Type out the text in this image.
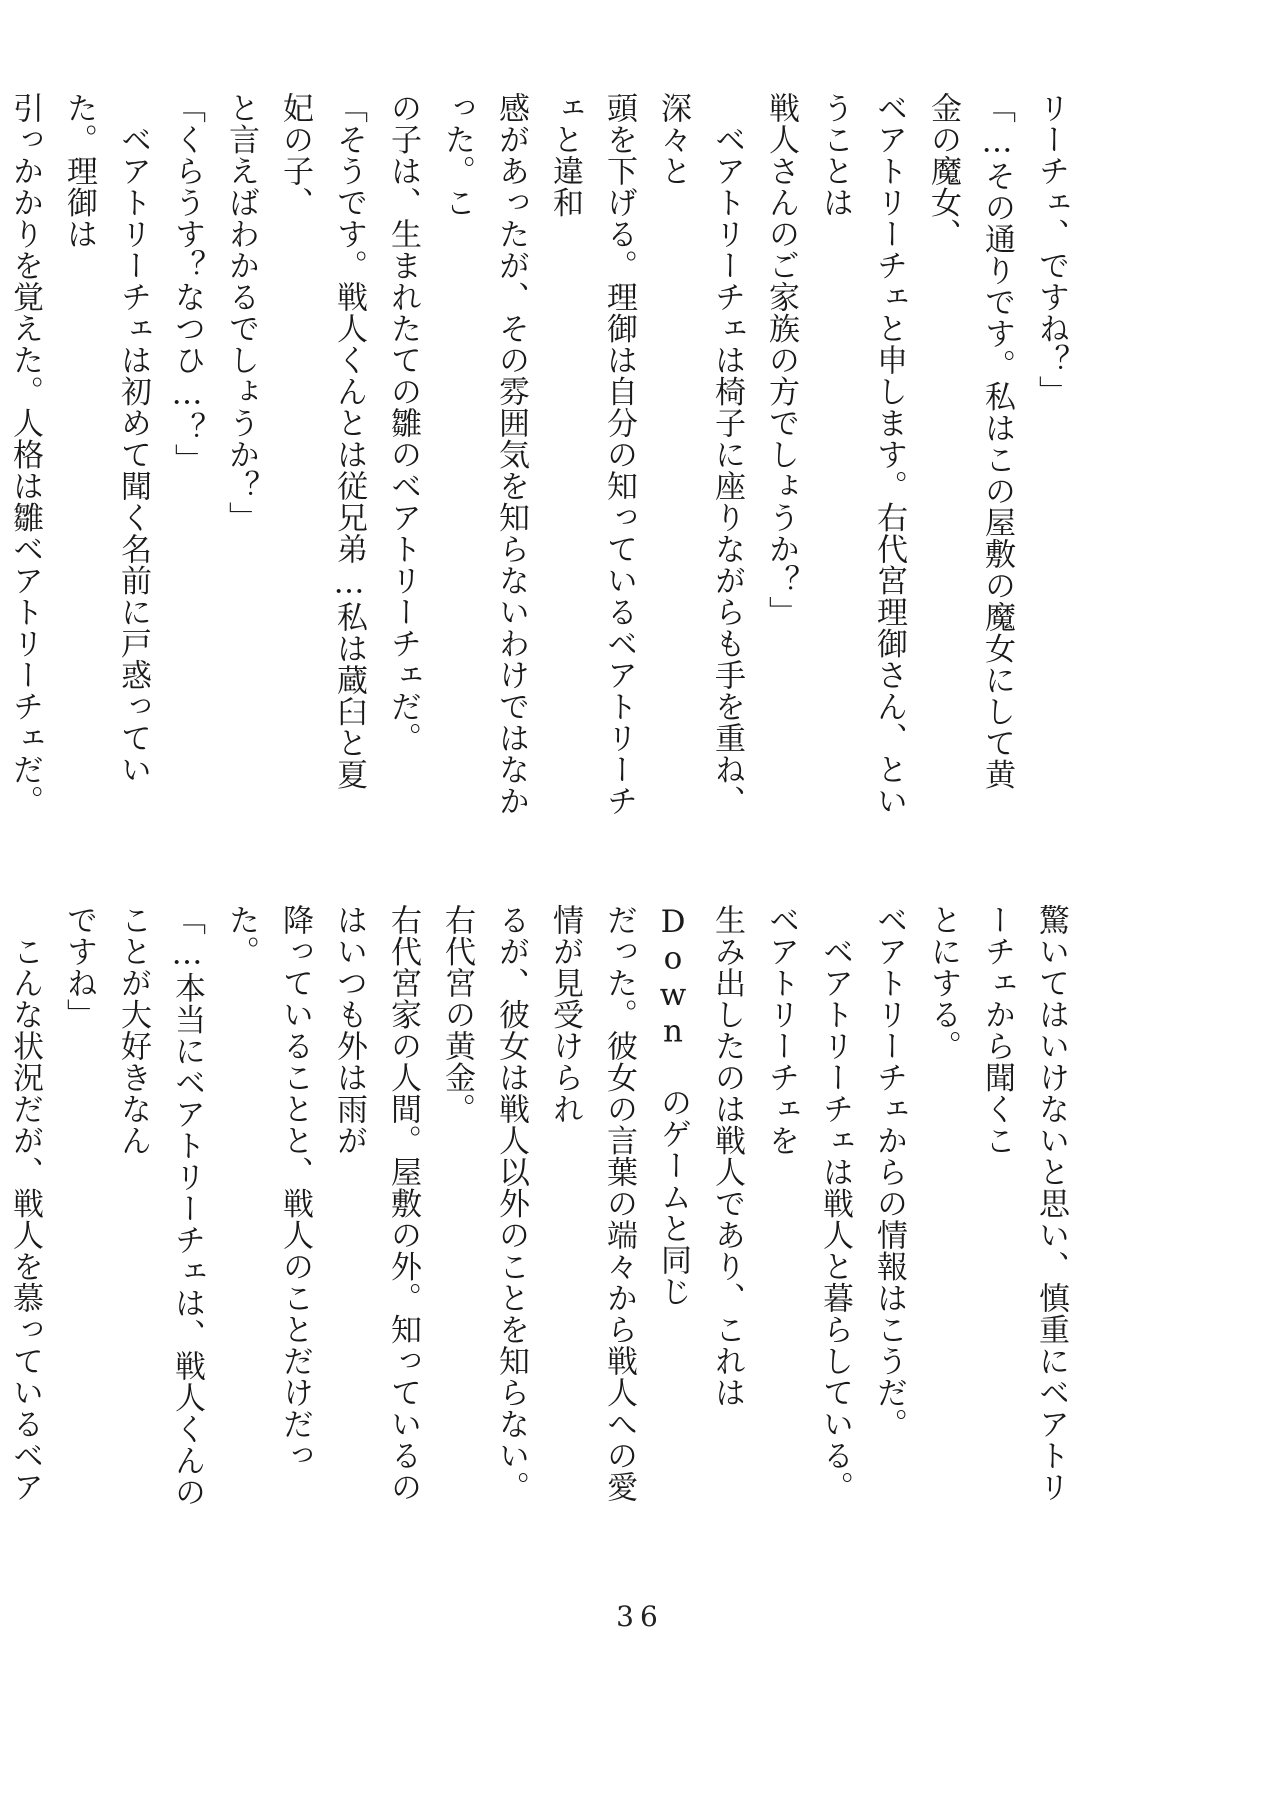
リーチェ、ですね？」

「…その通りです。私はこの屋敷の魔女にして黄金の魔女、

ベアトリーチェと申します。右代宮理御さん、ということは

戦人さんのご家族の方でしょうか？」

　ベアトリーチェは椅子に座りながらも手を重ね、深々と

頭を下げる。理御は自分の知っているベアトリーチェと違和

感があったが、その雰囲気を知らないわけではなかった。こ

の子は、生まれたての雛のベアトリーチェだ。

「そうです。戦人くんとは従兄弟…私は蔵臼と夏妃の子、

と言えばわかるでしょうか？」

「くらうす？なつひ…？」

　ベアトリーチェは初めて聞く名前に戸惑っていた。理御は

引っかかりを覚えた。人格は雛ベアトリーチェだ。

驚いてはいけないと思い、慎重にベアトリーチェから聞くこ

とにする。

ベアトリーチェからの情報はこうだ。

　ベアトリーチェは戦人と暮らしている。ベアトリーチェを

生み出したのは戦人であり、これは Down のゲームと同じ

だった。彼女の言葉の端々から戦人への愛情が見受けられ

るが、彼女は戦人以外のことを知らない。右代宮の黄金。

右代宮家の人間。屋敷の外。知っているのはいつも外は雨が

降っていることと、戦人のことだけだった。

「…本当にベアトリーチェは、戦人くんのことが大好きなん

ですね」

　こんな状況だが、戦人を慕っているベア

36
